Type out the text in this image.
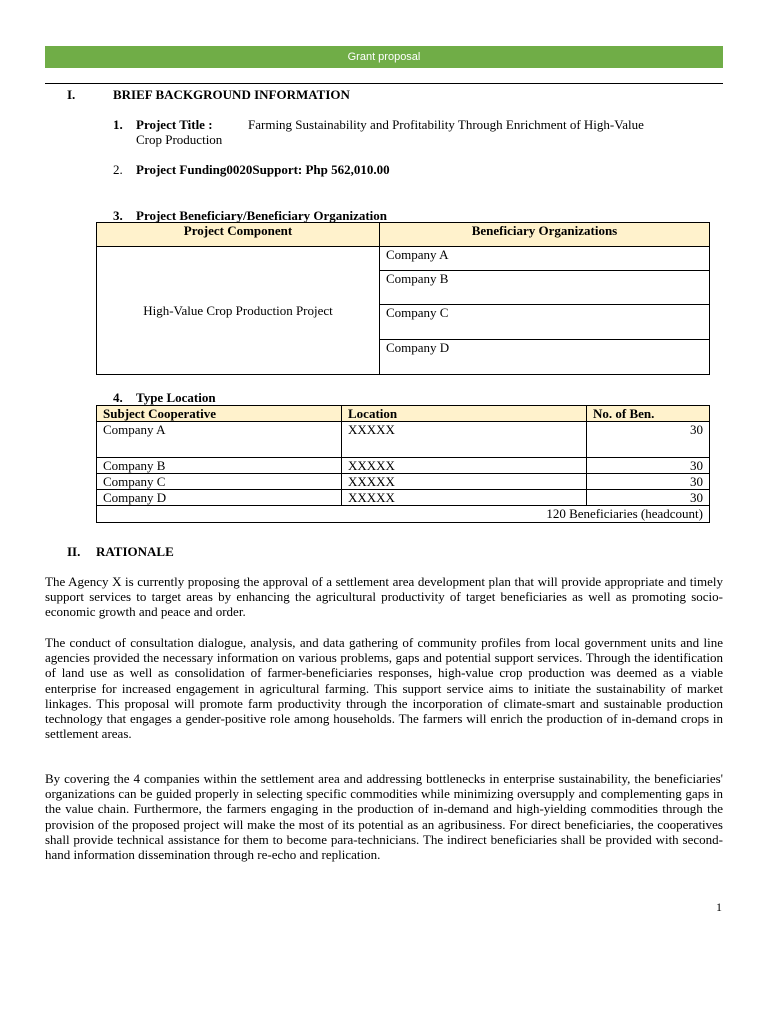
Grant proposal
I.	BRIEF BACKGROUND INFORMATION
1. Project Title :	Farming Sustainability and Profitability Through Enrichment of High-Value
Crop Production
2. Project Funding0020Support: Php 562,010.00
3. Project Beneficiary/Beneficiary Organization
Project Component	Beneficiary Organizations
High-Value Crop Production Project	Company A
	Company B
	Company C
	Company D
4. Type Location
Subject Cooperative	Location	No. of Ben.
Company A	XXXXX	30
Company B	XXXXX	30
Company C	XXXXX	30
Company D	XXXXX	30
120 Beneficiaries (headcount)		
II. RATIONALE
The Agency X is currently proposing the approval of a settlement area development plan that will provide appropriate and timely support services to target areas by enhancing the agricultural productivity of target beneficiaries as well as promoting socio-economic growth and peace and order.
The conduct of consultation dialogue, analysis, and data gathering of community profiles from local government units and line agencies provided the necessary information on various problems, gaps and potential support services. Through the identification of land use as well as consolidation of farmer-beneficiaries responses, high-value crop production was deemed as a viable enterprise for increased engagement in agricultural farming. This support service aims to initiate the sustainability of market linkages. This proposal will promote farm productivity through the incorporation of climate-smart and sustainable production technology that engages a gender-positive role among households. The farmers will enrich the production of in-demand crops in settlement areas.
By covering the 4 companies within the settlement area and addressing bottlenecks in enterprise sustainability, the beneficiaries' organizations can be guided properly in selecting specific commodities while minimizing oversupply and complementing gaps in the value chain. Furthermore, the farmers engaging in the production of in-demand and high-yielding commodities through the provision of the proposed project will make the most of its potential as an agribusiness. For direct beneficiaries, the cooperatives shall provide technical assistance for them to become para-technicians. The indirect beneficiaries shall be provided with second-hand information dissemination through re-echo and replication.
1
